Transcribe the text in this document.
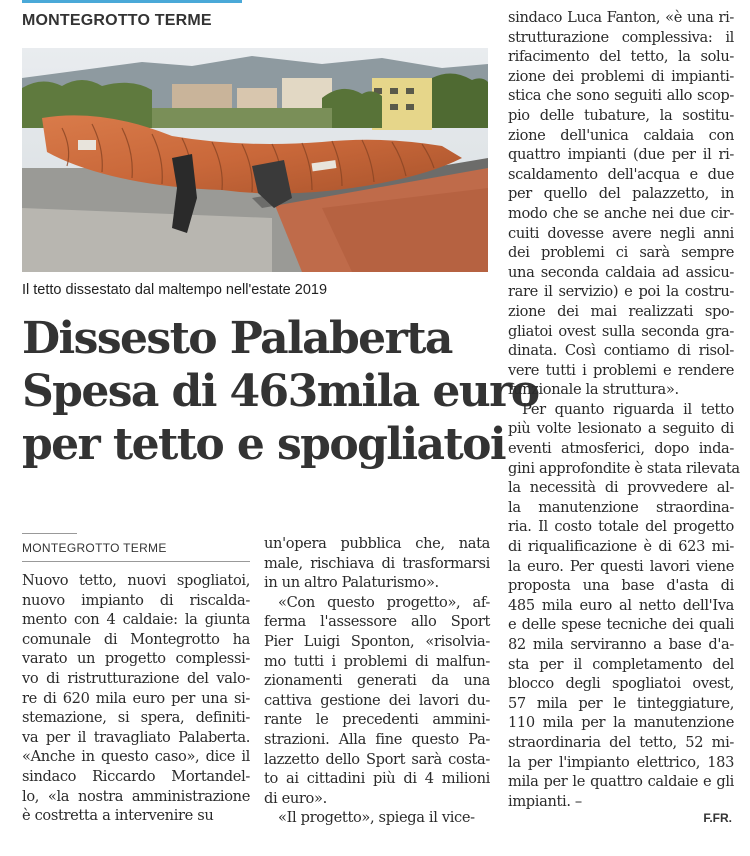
MONTEGROTTO TERME
Il tetto dissestato dal maltempo nell'estate 2019
Dissesto Palaberta
Spesa di 463mila euro
per tetto e spogliatoi
MONTEGROTTO TERME

Nuovo tetto, nuovi spogliatoi,
nuovo impianto di riscalda-
mento con 4 caldaie: la giunta
comunale di Montegrotto ha
varato un progetto complessi-
vo di ristrutturazione del valo-
re di 620 mila euro per una si-
stemazione, si spera, definiti-
va per il travagliato Palaberta.
«Anche in questo caso», dice il
sindaco Riccardo Mortandel-
lo, «la nostra amministrazione
è costretta a intervenire su

un'opera pubblica che, nata
male, rischiava di trasformarsi
in un altro Palaturismo».

«Con questo progetto», af-
ferma l'assessore allo Sport
Pier Luigi Sponton, «risolvia-
mo tutti i problemi di malfun-
zionamenti generati da una
cattiva gestione dei lavori du-
rante le precedenti ammini-
strazioni. Alla fine questo Pa-
lazzetto dello Sport sarà costa-
to ai cittadini più di 4 milioni
di euro».

«Il progetto», spiega il vice-

sindaco Luca Fanton, «è una ri-
strutturazione complessiva: il
rifacimento del tetto, la solu-
zione dei problemi di impianti-
stica che sono seguiti allo scop-
pio delle tubature, la sostitu-
zione dell'unica caldaia con
quattro impianti (due per il ri-
scaldamento dell'acqua e due
per quello del palazzetto, in
modo che se anche nei due cir-
cuiti dovesse avere negli anni
dei problemi ci sarà sempre
una seconda caldaia ad assicu-
rare il servizio) e poi la costru-
zione dei mai realizzati spo-
gliatoi ovest sulla seconda gra-
dinata. Così contiamo di risol-
vere tutti i problemi e rendere
funzionale la struttura».

Per quanto riguarda il tetto
più volte lesionato a seguito di
eventi atmosferici, dopo inda-
gini approfondite è stata rilevata
la necessità di provvedere al-
la manutenzione straordina-
ria. Il costo totale del progetto
di riqualificazione è di 623 mi-
la euro. Per questi lavori viene
proposta una base d'asta di
485 mila euro al netto dell'Iva
e delle spese tecniche dei quali
82 mila serviranno a base d'a-
sta per il completamento del
blocco degli spogliatoi ovest,
57 mila per le tinteggiature,
110 mila per la manutenzione
straordinaria del tetto, 52 mi-
la per l'impianto elettrico, 183
mila per le quattro caldaie e gli
impianti. –

F.FR.
